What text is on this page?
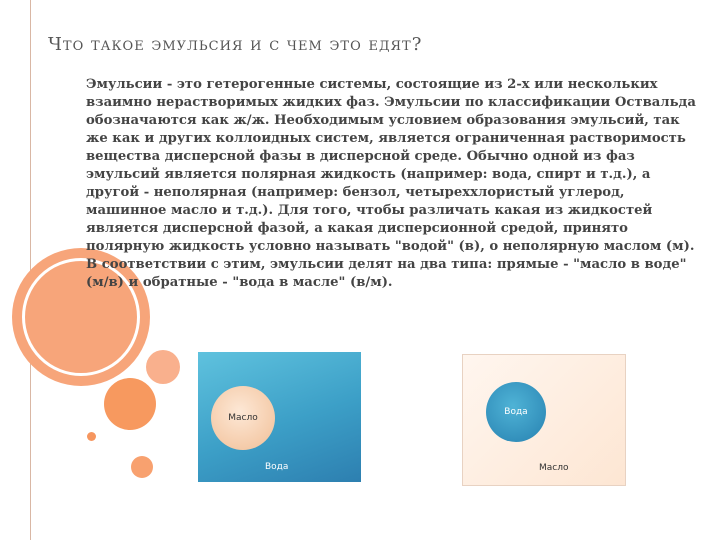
Что такое эмульсия и с чем это едят?

Эмульсии - это гетерогенные системы, состоящие из 2-х или нескольких взаимно нерастворимых жидких фаз. Эмульсии по классификации Оствальда обозначаются как ж/ж. Необходимым условием образования эмульсий, так же как и других коллоидных систем, является ограниченная растворимость вещества дисперсной фазы в дисперсной среде. Обычно одной из фаз эмульсий является полярная жидкость (например: вода, спирт и т.д.), а другой - неполярная (например: бензол, четыреххлористый углерод, машинное масло и т.д.). Для того, чтобы различать какая из жидкостей является дисперсной фазой, а какая дисперсионной средой, принято полярную жидкость условно называть "водой" (в), о неполярную маслом (м). В соответствии с этим, эмульсии делят на два типа: прямые - "масло в воде" (м/в) и обратные - "вода в масле" (в/м).

Масло
Вода
Вода
Масло
